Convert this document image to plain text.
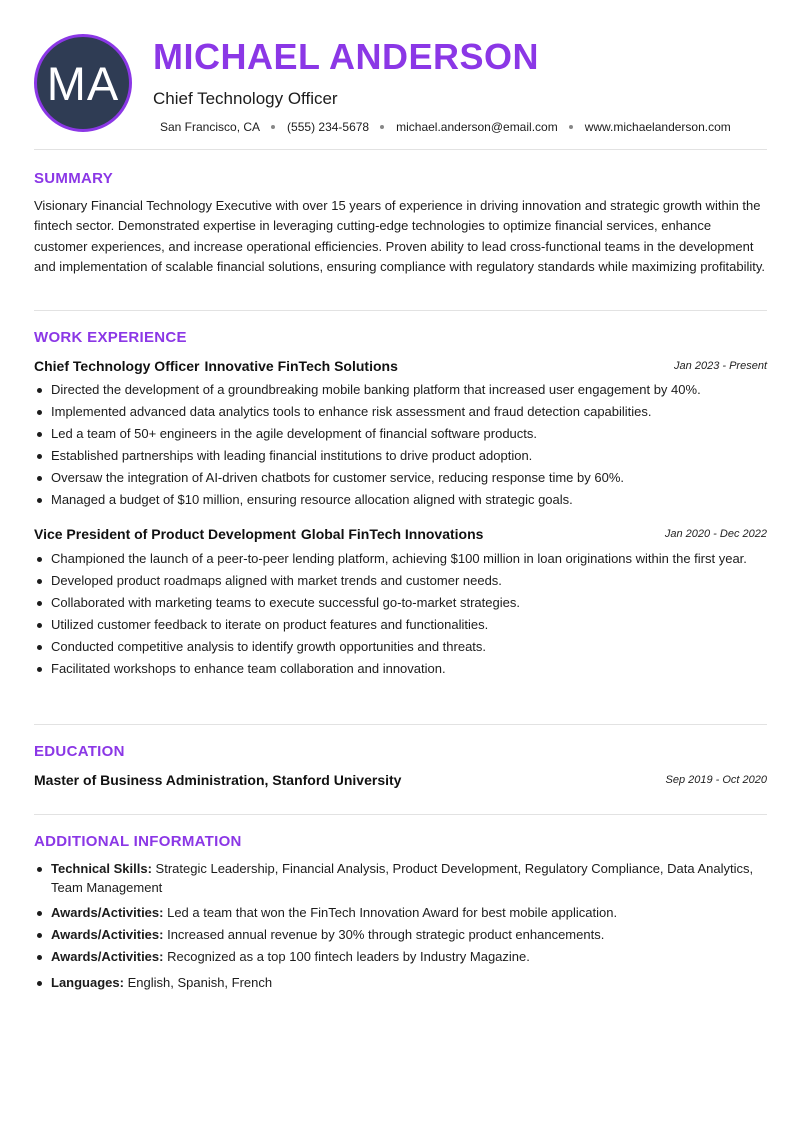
MA MICHAEL ANDERSON
Chief Technology Officer
San Francisco, CA (555) 234-5678 michael.anderson@email.com www.michaelanderson.com
SUMMARY

Visionary Financial Technology Executive with over 15 years of experience in driving innovation and strategic growth within the fintech sector. Demonstrated expertise in leveraging cutting-edge technologies to optimize financial services, enhance customer experiences, and increase operational efficiencies. Proven ability to lead cross-functional teams in the development and implementation of scalable financial solutions, ensuring compliance with regulatory standards while maximizing profitability.

WORK EXPERIENCE
Chief Technology Officer Innovative FinTech Solutions	Jan 2023 - Present
Directed the development of a groundbreaking mobile banking platform that increased user engagement by 40%.
Implemented advanced data analytics tools to enhance risk assessment and fraud detection capabilities.
Led a team of 50+ engineers in the agile development of financial software products.
Established partnerships with leading financial institutions to drive product adoption.
Oversaw the integration of AI-driven chatbots for customer service, reducing response time by 60%.
Managed a budget of $10 million, ensuring resource allocation aligned with strategic goals.
Vice President of Product Development Global FinTech Innovations	Jan 2020 - Dec 2022
Championed the launch of a peer-to-peer lending platform, achieving $100 million in loan originations within the first year.
Developed product roadmaps aligned with market trends and customer needs.
Collaborated with marketing teams to execute successful go-to-market strategies.
Utilized customer feedback to iterate on product features and functionalities.
Conducted competitive analysis to identify growth opportunities and threats.
Facilitated workshops to enhance team collaboration and innovation.
EDUCATION
Master of Business Administration, Stanford University	Sep 2019 - Oct 2020
ADDITIONAL INFORMATION
Technical Skills: Strategic Leadership, Financial Analysis, Product Development, Regulatory Compliance, Data Analytics, Team Management
Awards/Activities: Led a team that won the FinTech Innovation Award for best mobile application.
Awards/Activities: Increased annual revenue by 30% through strategic product enhancements.
Awards/Activities: Recognized as a top 100 fintech leaders by Industry Magazine.
Languages: English, Spanish, French
